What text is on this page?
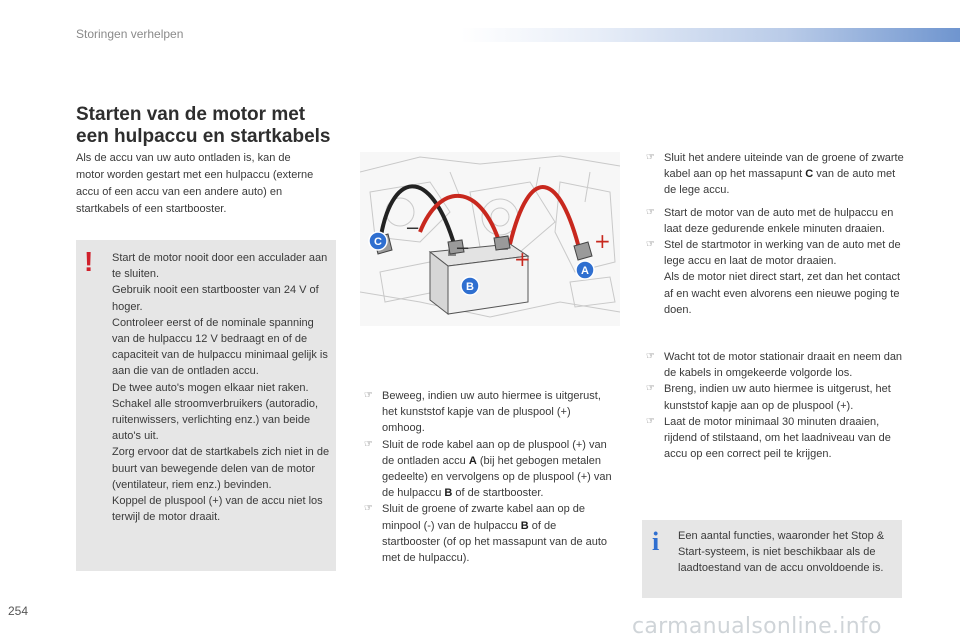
Storingen verhelpen
Starten van de motor met
een hulpaccu en startkabels
Als de accu van uw auto ontladen is, kan de motor worden gestart met een hulpaccu (externe accu of een accu van een andere auto) en startkabels of een startbooster.
! Start de motor nooit door een acculader aan te sluiten.

Gebruik nooit een startbooster van 24 V of hoger.

Controleer eerst of de nominale spanning van de hulpaccu 12 V bedraagt en of de capaciteit van de hulpaccu minimaal gelijk is aan die van de ontladen accu.

De twee auto's mogen elkaar niet raken.

Schakel alle stroomverbruikers (autoradio, ruitenwissers, verlichting enz.) van beide auto's uit.

Zorg ervoor dat de startkabels zich niet in de buurt van bewegende delen van de motor (ventilateur, riem enz.) bevinden.

Koppel de pluspool (+) van de accu niet los terwijl de motor draait.

−
− +
+
C
B
A

☞ Beweeg, indien uw auto hiermee is uitgerust, het kunststof kapje van de pluspool (+) omhoog.

☞ Sluit de rode kabel aan op de pluspool (+) van de ontladen accu A (bij het gebogen metalen gedeelte) en vervolgens op de pluspool (+) van de hulpaccu B of de startbooster.

☞ Sluit de groene of zwarte kabel aan op de minpool (-) van de hulpaccu B of de startbooster (of op het massapunt van de auto met de hulpaccu).

☞ Sluit het andere uiteinde van de groene of zwarte kabel aan op het massapunt C van de auto met de lege accu.

☞ Start de motor van de auto met de hulpaccu en laat deze gedurende enkele minuten draaien.

☞ Stel de startmotor in werking van de auto met de lege accu en laat de motor draaien.
Als de motor niet direct start, zet dan het contact af en wacht even alvorens een nieuwe poging te doen.

☞ Wacht tot de motor stationair draait en neem dan de kabels in omgekeerde volgorde los.

☞ Breng, indien uw auto hiermee is uitgerust, het kunststof kapje aan op de pluspool (+).

☞ Laat de motor minimaal 30 minuten draaien, rijdend of stilstaand, om het laadniveau van de accu op een correct peil te krijgen.

i	Een aantal functies, waaronder het Stop & Start-systeem, is niet beschikbaar als de laadtoestand van de accu onvoldoende is.
254
carmanualsonline.info
